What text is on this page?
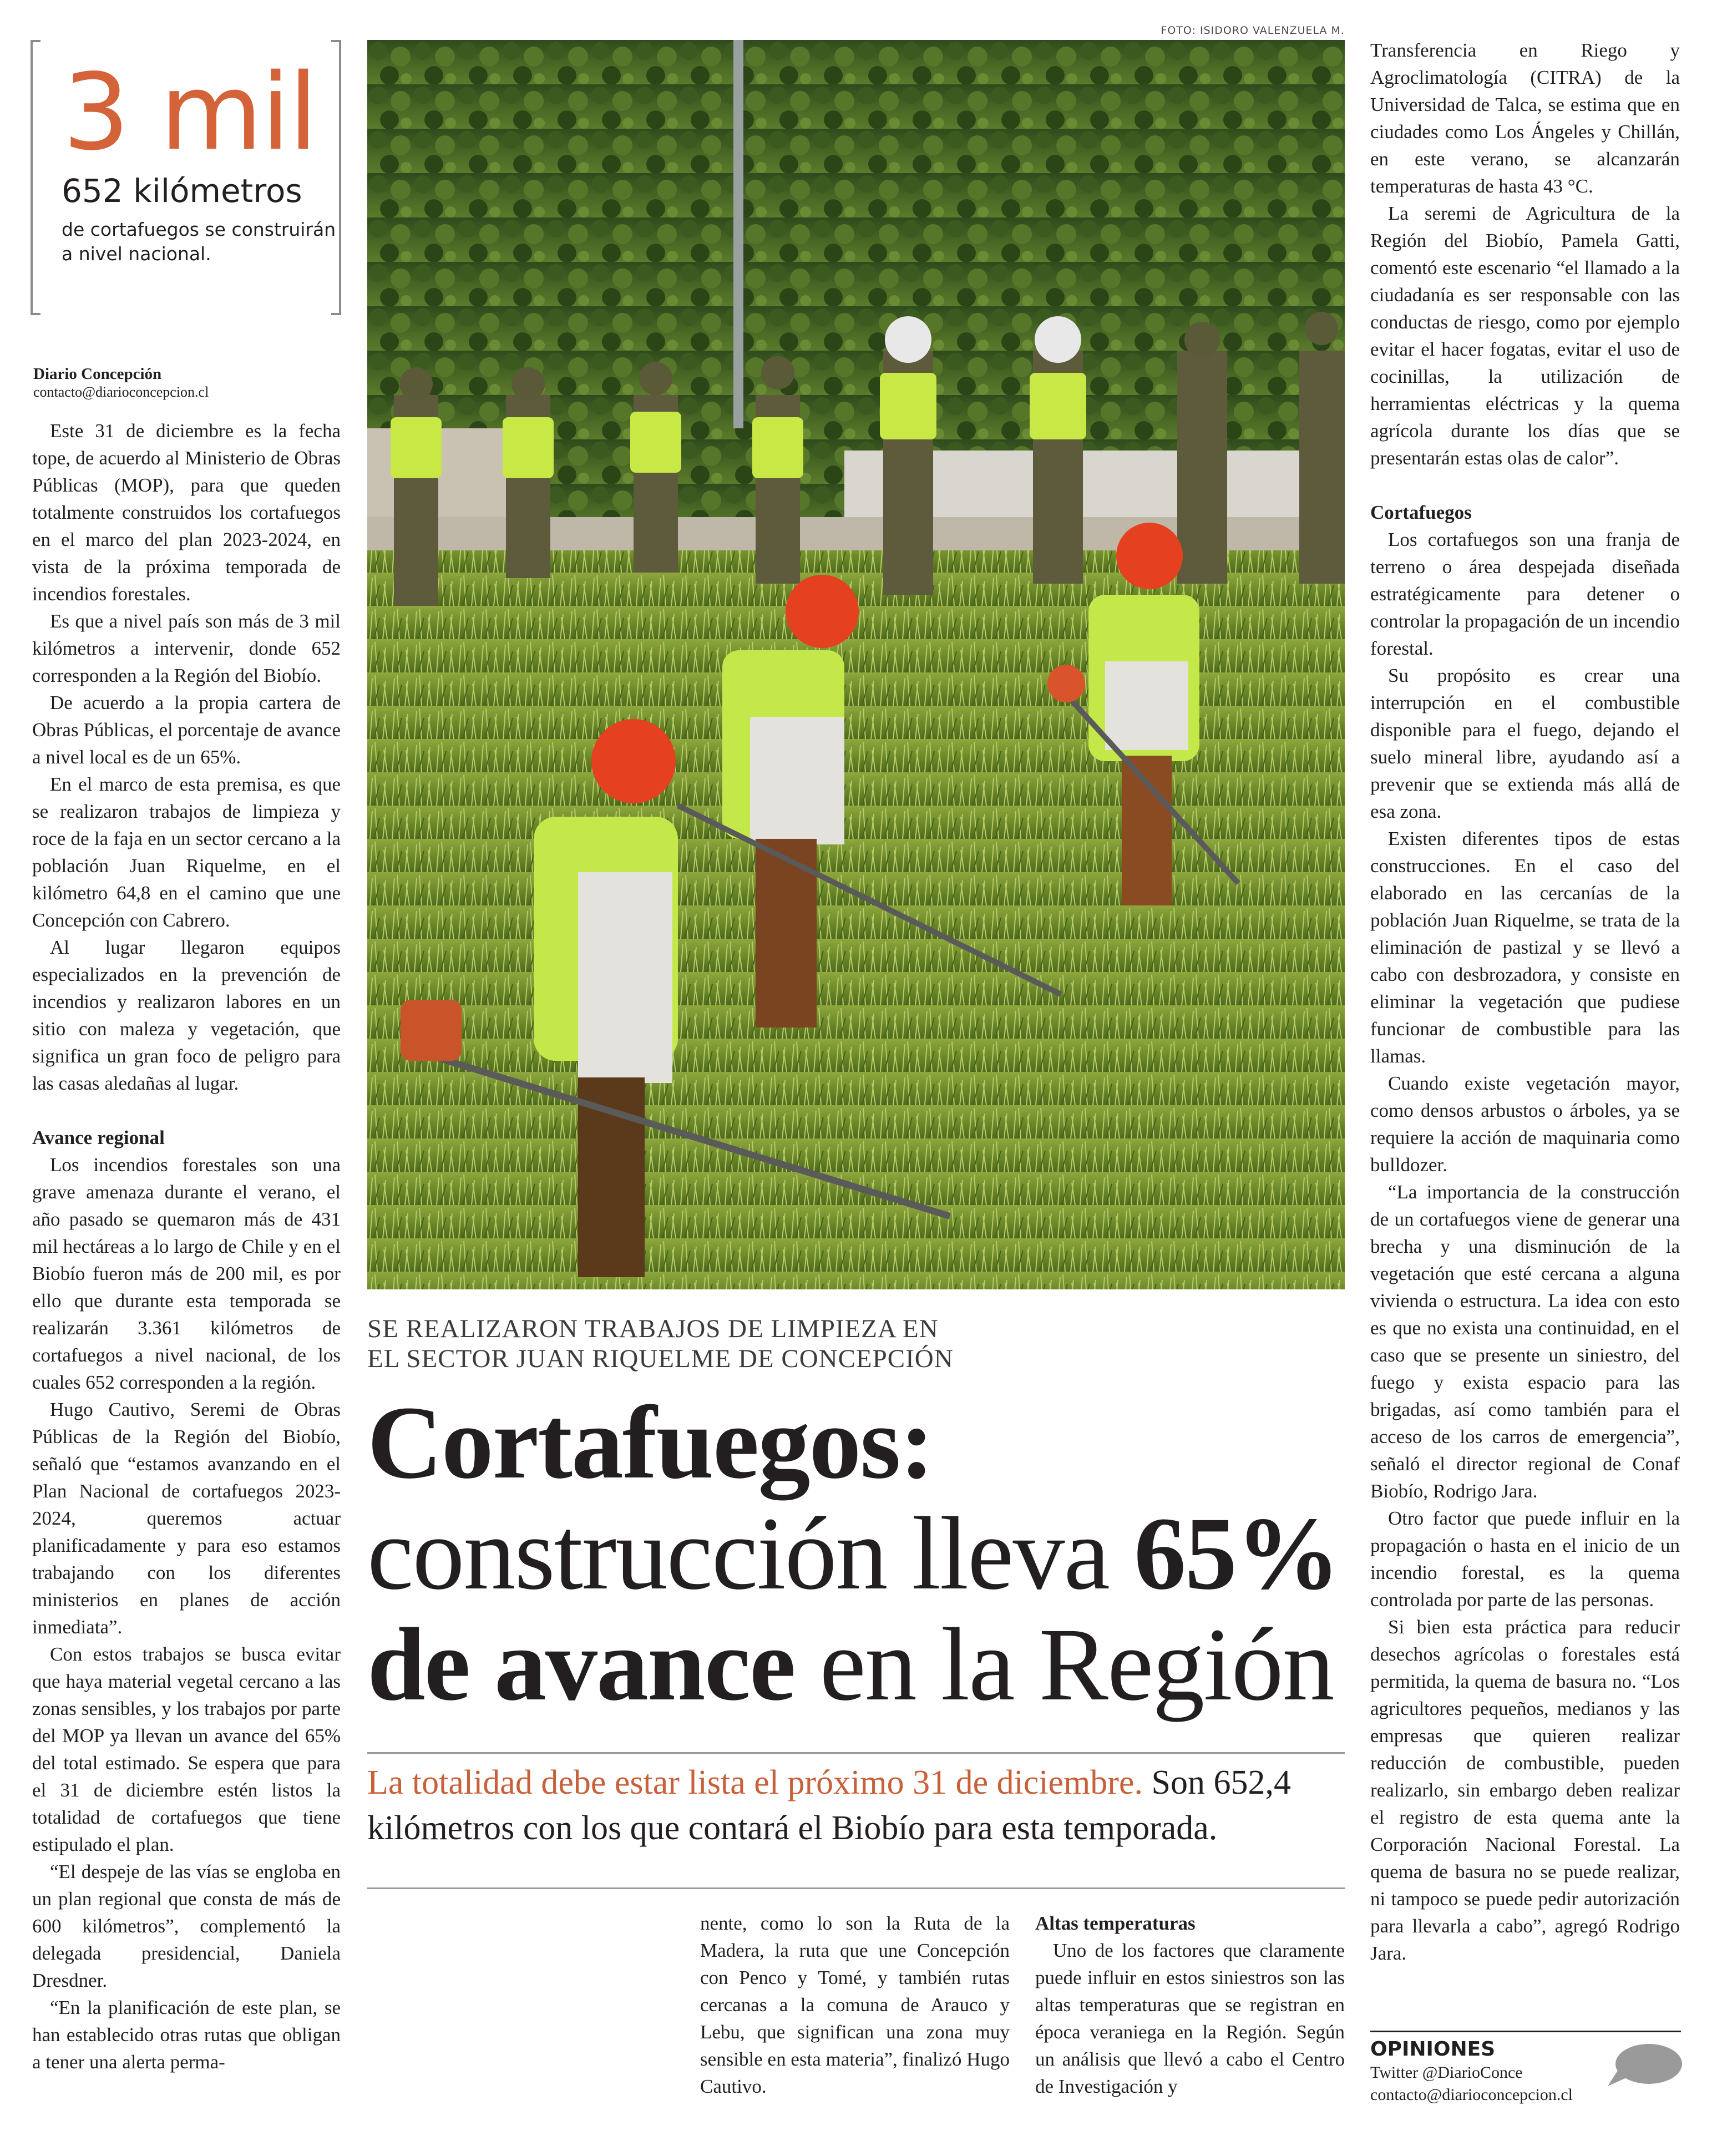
3 mil
652 kilómetros
de cortafuegos se construirán a nivel nacional.
Diario Concepción
contacto@diarioconcepcion.cl

Este 31 de diciembre es la fecha tope, de acuerdo al Ministerio de Obras Públicas (MOP), para que queden totalmente construidos los cortafuegos en el marco del plan 2023-2024, en vista de la próxima temporada de incendios forestales.

Es que a nivel país son más de 3 mil kilómetros a intervenir, donde 652 corresponden a la Región del Biobío.

De acuerdo a la propia cartera de Obras Públicas, el porcentaje de avance a nivel local es de un 65%.

En el marco de esta premisa, es que se realizaron trabajos de limpieza y roce de la faja en un sector cercano a la población Juan Riquelme, en el kilómetro 64,8 en el camino que une Concepción con Cabrero.

Al lugar llegaron equipos especializados en la prevención de incendios y realizaron labores en un sitio con maleza y vegetación, que significa un gran foco de peligro para las casas aledañas al lugar.

Avance regional

Los incendios forestales son una grave amenaza durante el verano, el año pasado se quemaron más de 431 mil hectáreas a lo largo de Chile y en el Biobío fueron más de 200 mil, es por ello que durante esta temporada se realizarán 3.361 kilómetros de cortafuegos a nivel nacional, de los cuales 652 corresponden a la región.

Hugo Cautivo, Seremi de Obras Públicas de la Región del Biobío, señaló que “estamos avanzando en el Plan Nacional de cortafuegos 2023-2024, queremos actuar planificadamente y para eso estamos trabajando con los diferentes ministerios en planes de acción inmediata”.

Con estos trabajos se busca evitar que haya material vegetal cercano a las zonas sensibles, y los trabajos por parte del MOP ya llevan un avance del 65% del total estimado. Se espera que para el 31 de diciembre estén listos la totalidad de cortafuegos que tiene estipulado el plan.

“El despeje de las vías se engloba en un plan regional que consta de más de 600 kilómetros”, complementó la delegada presidencial, Daniela Dresdner.

“En la planificación de este plan, se han establecido otras rutas que obligan a tener una alerta perma-

FOTO: ISIDORO VALENZUELA M.
SE REALIZARON TRABAJOS DE LIMPIEZA EN
EL SECTOR JUAN RIQUELME DE CONCEPCIÓN
Cortafuegos:
construcción lleva 65%
de avance en la Región
La totalidad debe estar lista el próximo 31 de diciembre. Son 652,4 kilómetros con los que contará el Biobío para esta temporada.

nente, como lo son la Ruta de la Madera, la ruta que une Concepción con Penco y Tomé, y también rutas cercanas a la comuna de Arauco y Lebu, que significan una zona muy sensible en esta materia”, finalizó Hugo Cautivo.

Altas temperaturas

Uno de los factores que claramente puede influir en estos siniestros son las altas temperaturas que se registran en época veraniega en la Región. Según un análisis que llevó a cabo el Centro de Investigación y

Transferencia en Riego y Agroclimatología (CITRA) de la Universidad de Talca, se estima que en ciudades como Los Ángeles y Chillán, en este verano, se alcanzarán temperaturas de hasta 43 °C.

La seremi de Agricultura de la Región del Biobío, Pamela Gatti, comentó este escenario “el llamado a la ciudadanía es ser responsable con las conductas de riesgo, como por ejemplo evitar el hacer fogatas, evitar el uso de cocinillas, la utilización de herramientas eléctricas y la quema agrícola durante los días que se presentarán estas olas de calor”.

Cortafuegos

Los cortafuegos son una franja de terreno o área despejada diseñada estratégicamente para detener o controlar la propagación de un incendio forestal.

Su propósito es crear una interrupción en el combustible disponible para el fuego, dejando el suelo mineral libre, ayudando así a prevenir que se extienda más allá de esa zona.

Existen diferentes tipos de estas construcciones. En el caso del elaborado en las cercanías de la población Juan Riquelme, se trata de la eliminación de pastizal y se llevó a cabo con desbrozadora, y consiste en eliminar la vegetación que pudiese funcionar de combustible para las llamas.

Cuando existe vegetación mayor, como densos arbustos o árboles, ya se requiere la acción de maquinaria como bulldozer.

“La importancia de la construcción de un cortafuegos viene de generar una brecha y una disminución de la vegetación que esté cercana a alguna vivienda o estructura. La idea con esto es que no exista una continuidad, en el caso que se presente un siniestro, del fuego y exista espacio para las brigadas, así como también para el acceso de los carros de emergencia”, señaló el director regional de Conaf Biobío, Rodrigo Jara.

Otro factor que puede influir en la propagación o hasta en el inicio de un incendio forestal, es la quema controlada por parte de las personas.

Si bien esta práctica para reducir desechos agrícolas o forestales está permitida, la quema de basura no. “Los agricultores pequeños, medianos y las empresas que quieren realizar reducción de combustible, pueden realizarlo, sin embargo deben realizar el registro de esta quema ante la Corporación Nacional Forestal. La quema de basura no se puede realizar, ni tampoco se puede pedir autorización para llevarla a cabo”, agregó Rodrigo Jara.

OPINIONES
Twitter @DiarioConce
contacto@diarioconcepcion.cl
